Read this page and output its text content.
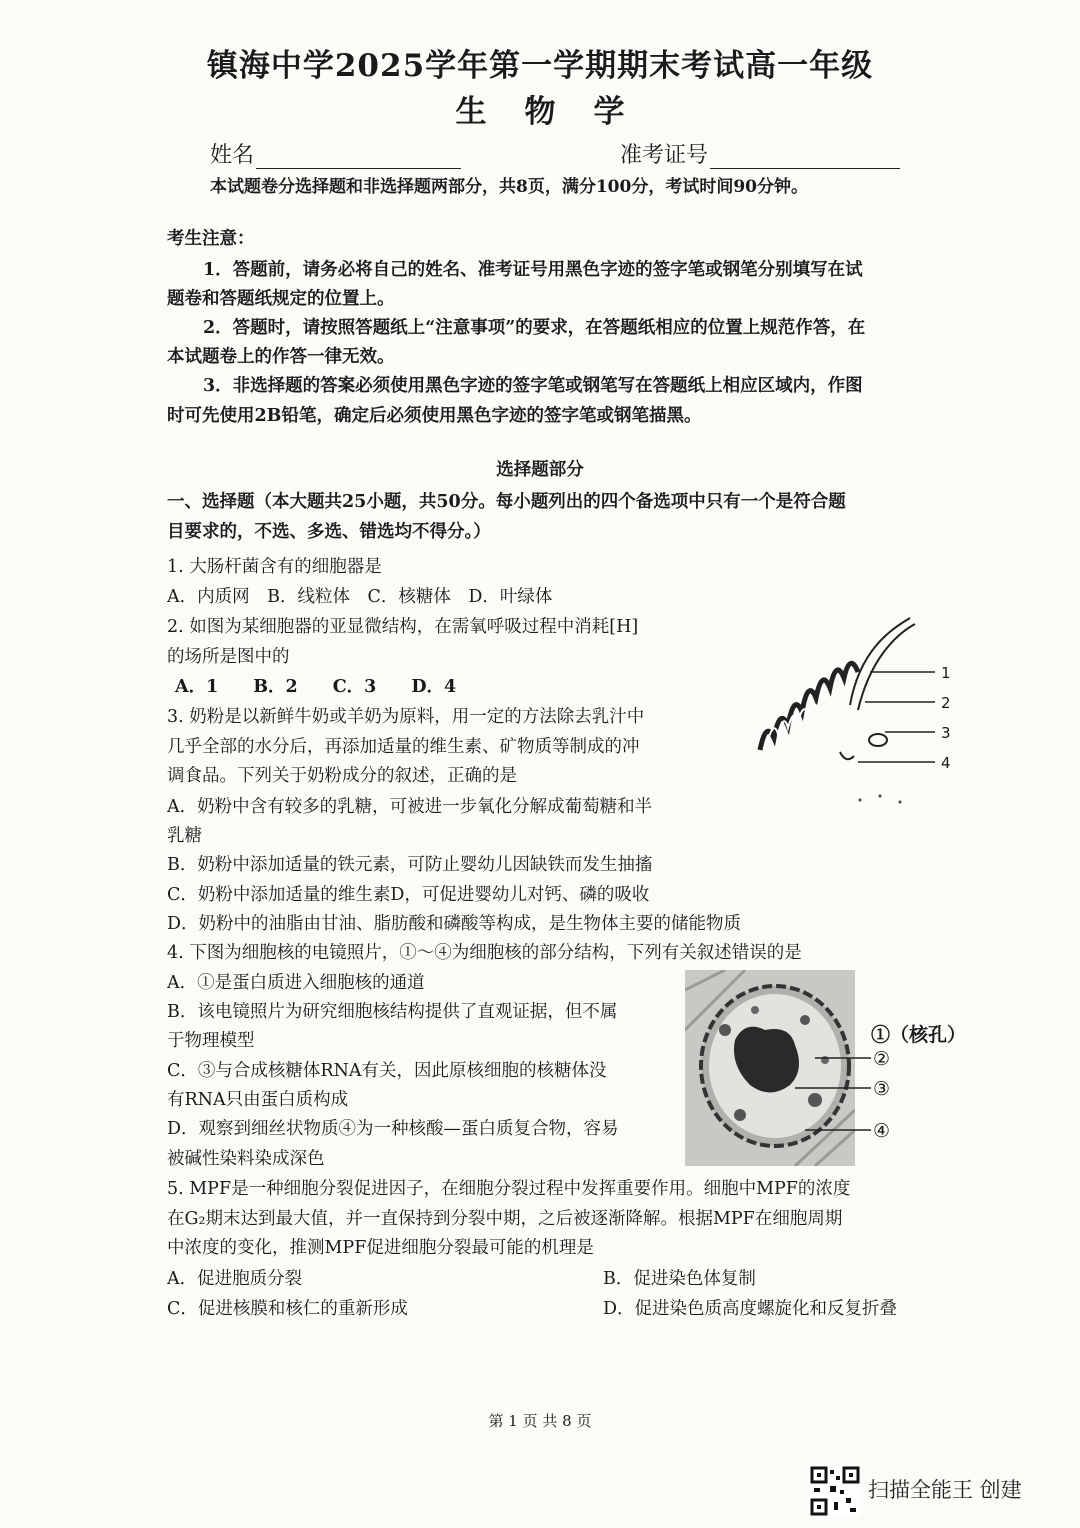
镇海中学2025学年第一学期期末考试高一年级
生物学
姓名	准考证号
本试题卷分选择题和非选择题两部分，共8页，满分100分，考试时间90分钟。
考生注意：
1．答题前，请务必将自己的姓名、准考证号用黑色字迹的签字笔或钢笔分别填写在试
题卷和答题纸规定的位置上。
2．答题时，请按照答题纸上“注意事项”的要求，在答题纸相应的位置上规范作答，在
本试题卷上的作答一律无效。
3．非选择题的答案必须使用黑色字迹的签字笔或钢笔写在答题纸上相应区域内，作图
时可先使用2B铅笔，确定后必须使用黑色字迹的签字笔或钢笔描黑。
选择题部分
一、选择题（本大题共25小题，共50分。每小题列出的四个备选项中只有一个是符合题
目要求的，不选、多选、错选均不得分。）
1. 大肠杆菌含有的细胞器是
A．内质网　B．线粒体　C．核糖体　D．叶绿体
2. 如图为某细胞器的亚显微结构，在需氧呼吸过程中消耗[H]
的场所是图中的
A．1　　B．2　　C．3　　D．4
1
2
3
4
3. 奶粉是以新鲜牛奶或羊奶为原料，用一定的方法除去乳汁中
几乎全部的水分后，再添加适量的维生素、矿物质等制成的冲
调食品。下列关于奶粉成分的叙述，正确的是
A．奶粉中含有较多的乳糖，可被进一步氧化分解成葡萄糖和半
乳糖
B．奶粉中添加适量的铁元素，可防止婴幼儿因缺铁而发生抽搐
C．奶粉中添加适量的维生素D，可促进婴幼儿对钙、磷的吸收
D．奶粉中的油脂由甘油、脂肪酸和磷酸等构成，是生物体主要的储能物质
4. 下图为细胞核的电镜照片，①～④为细胞核的部分结构，下列有关叙述错误的是
A．①是蛋白质进入细胞核的通道
B．该电镜照片为研究细胞核结构提供了直观证据，但不属
于物理模型
C．③与合成核糖体RNA有关，因此原核细胞的核糖体没
有RNA只由蛋白质构成
D．观察到细丝状物质④为一种核酸—蛋白质复合物，容易
被碱性染料染成深色
①（核孔）
②
③
④
5. MPF是一种细胞分裂促进因子，在细胞分裂过程中发挥重要作用。细胞中MPF的浓度
在G₂期末达到最大值，并一直保持到分裂中期，之后被逐渐降解。根据MPF在细胞周期
中浓度的变化，推测MPF促进细胞分裂最可能的机理是
A．促进胞质分裂	B．促进染色体复制
C．促进核膜和核仁的重新形成	D．促进染色质高度螺旋化和反复折叠
第 1 页 共 8 页
扫描全能王 创建
